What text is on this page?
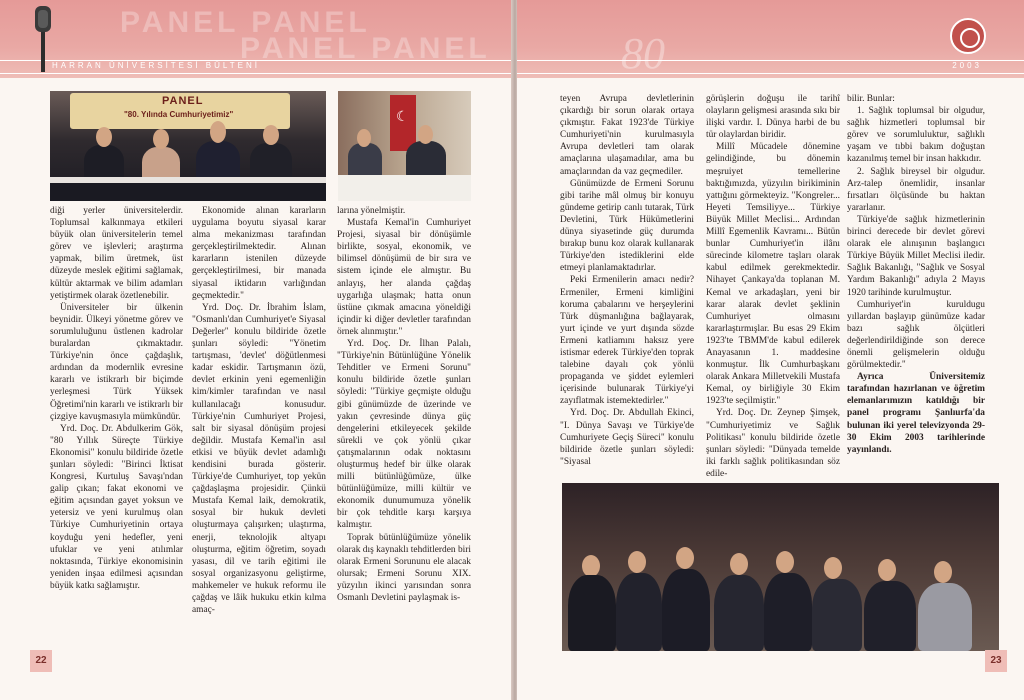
PANEL PANEL
PANEL PANEL
HARRAN ÜNİVERSİTESİ BÜLTENİ
PANEL
"80. Yılında Cumhuriyetimiz"
☾

diği yerler üniversitelerdir. Toplumsal kalkınmaya etkileri büyük olan üniversitelerin temel görev ve işlevleri; araştırma yapmak, bilim üretmek, üst düzeyde meslek eğitimi sağlamak, kültür aktarmak ve bilim adamları yetiştirmek olarak özetlenebilir.

Üniversiteler bir ülkenin beynidir. Ülkeyi yönetme görev ve sorumluluğunu üstlenen kadrolar buralardan çıkmaktadır. Türkiye'nin önce çağdaşlık, ardından da modernlik evresine kararlı ve istikrarlı bir biçimde yerleşmesi Türk Yüksek Öğretimi'nin kararlı ve istikrarlı bir çizgiye kavuşmasıyla mümkündür.

Yrd. Doç. Dr. Abdulkerim Gök, "80 Yıllık Süreçte Türkiye Ekonomisi" konulu bildiride özetle şunları söyledi: "Birinci İktisat Kongresi, Kurtuluş Savaşı'ndan galip çıkan; fakat ekonomi ve eğitim açısından gayet yoksun ve yetersiz ve yeni kurulmuş olan Türkiye Cumhuriyetinin ortaya koyduğu yeni hedefler, yeni ufuklar ve yeni atılımlar noktasında, Türkiye ekonomisinin yeniden inşaa edilmesi açısından büyük katkı sağlamıştır.

Ekonomide alınan kararların uygulama boyutu siyasal karar alma mekanizması tarafından gerçekleştirilmektedir. Alınan kararların istenilen düzeyde gerçekleştirilmesi, bir manada siyasal iktidarın varlığından geçmektedir."

Yrd. Doç. Dr. İbrahim İslam, "Osmanlı'dan Cumhuriyet'e Siyasal Değerler" konulu bildiride özetle şunları söyledi: "Yönetim tartışması, 'devlet' döğütlenmesi kadar eskidir. Tartışmanın özü, devlet erkinin yeni egemenliğin kim/kimler tarafından ve nasıl kullanılacağı konusudur. Türkiye'nin Cumhuriyet Projesi, salt bir siyasal dönüşüm projesi değildir. Mustafa Kemal'in asıl etkisi ve büyük devlet adamlığı kendisini burada gösterir. Türkiye'de Cumhuriyet, top yekün çağdaşlaşma projesidir. Çünkü Mustafa Kemal laik, demokratik, sosyal bir hukuk devleti oluşturmaya çalışırken; ulaştırma, enerji, teknolojik altyapı oluşturma, eğitim öğretim, soyadı yasası, dil ve tarih eğitimi ile sosyal organizasyonu geliştirme, mahkemeler ve hukuk reformu ile çağdaş ve lâik hukuku etkin kılma amaç-

larına yönelmiştir.

Mustafa Kemal'in Cumhuriyet Projesi, siyasal bir dönüşümle birlikte, sosyal, ekonomik, ve bilimsel dönüşümü de bir sıra ve sistem içinde ele almıştır. Bu anlayış, her alanda çağdaş uygarlığa ulaşmak; hatta onun üstüne çıkmak amacına yöneldiği içindir ki diğer devletler tarafından örnek alınmıştır."

Yrd. Doç. Dr. İlhan Palalı, "Türkiye'nin Bütünlüğüne Yönelik Tehditler ve Ermeni Sorunu" konulu bildiride özetle şunları söyledi: "Türkiye geçmişte olduğu gibi günümüzde de üzerinde ve yakın çevresinde dünya güç dengelerini etkileyecek şekilde sürekli ve çok yönlü çıkar çatışmalarının odak noktasını oluşturmuş hedef bir ülke olarak milli bütünlüğümüze, ülke bütünlüğümüze, milli kültür ve ekonomik dunumumuza yönelik bir çok tehditle karşı karşıya kalmıştır.

Toprak bütünlüğümüze yönelik olarak dış kaynaklı tehditlerden biri olarak Ermeni Sorununu ele alacak olursak; Ermeni Sorunu XIX. yüzyılın ikinci yarısından sonra Osmanlı Devletini paylaşmak is-

22
80	2003

teyen Avrupa devletlerinin çıkardığı bir sorun olarak ortaya çıkmıştır. Fakat 1923'de Türkiye Cumhuriyeti'nin kurulmasıyla Avrupa devletleri tam olarak amaçlarına ulaşamadılar, ama bu amaçlarından da vaz geçmediler.

Günümüzde de Ermeni Sorunu gibi tarihe mâl olmuş bir konuyu gündeme getirip canlı tutarak, Türk Devletini, Türk Hükümetlerini dünya siyasetinde güç durumda bırakıp bunu koz olarak kullanarak Türkiye'den istediklerini elde etmeyi planlamaktadırlar.

Peki Ermenilerin amacı nedir? Ermeniler, Ermeni kimliğini koruma çabalarını ve herşeylerini Türk düşmanlığına bağlayarak, yurt içinde ve yurt dışında sözde Ermeni katliamını haksız yere istismar ederek Türkiye'den toprak talebine dayalı çok yönlü propaganda ve şiddet eylemleri içerisinde bulunarak Türkiye'yi zayıflatmak istemektedirler."

Yrd. Doç. Dr. Abdullah Ekinci, "I. Dünya Savaşı ve Türkiye'de Cumhuriyete Geçiş Süreci" konulu bildiride özetle şunları söyledi: "Siyasal

görüşlerin doğuşu ile tarihî olayların gelişmesi arasında sıkı bir ilişki vardır. I. Dünya harbi de bu tür olaylardan biridir.

Millî Mücadele dönemine gelindiğinde, bu dönemin meşruiyet temellerine baktığımızda, yüzyılın birikiminin yattığını görmekteyiz. "Kongreler... Heyeti Temsiliyye... Türkiye Büyük Millet Meclisi... Ardından Millî Egemenlik Kavramı... Bütün bunlar Cumhuriyet'in ilânı sürecinde kilometre taşları olarak kabul edilmek gerekmektedir. Nihayet Çankaya'da toplanan M. Kemal ve arkadaşları, yeni bir karar alarak devlet şeklinin Cumhuriyet olmasını kararlaştırmışlar. Bu esas 29 Ekim 1923'te TBMM'de kabul edilerek Anayasanın 1. maddesine konmuştur. İlk Cumhurbaşkanı olarak Ankara Milletvekili Mustafa Kemal, oy birliğiyle 30 Ekim 1923'te seçilmiştir."

Yrd. Doç. Dr. Zeynep Şimşek, "Cumhuriyetimiz ve Sağlık Politikası" konulu bildiride özetle şunları söyledi: "Dünyada temelde iki farklı sağlık politikasından söz edile-

bilir. Bunlar:

1. Sağlık toplumsal bir olgudur, sağlık hizmetleri toplumsal bir görev ve sorumluluktur, sağlıklı yaşam ve tıbbi bakım doğuştan kazanılmış temel bir insan hakkıdır.

2. Sağlık bireysel bir olgudur. Arz-talep önemlidir, insanlar fırsatları ölçüsünde bu haktan yararlanır.

Türkiye'de sağlık hizmetlerinin birinci derecede bir devlet görevi olarak ele alınışının başlangıcı Türkiye Büyük Millet Meclisi iledir. Sağlık Bakanlığı, "Sağlık ve Sosyal Yardım Bakanlığı" adıyla 2 Mayıs 1920 tarihinde kurulmuştur.

Cumhuriyet'in kuruldugu yıllardan başlayıp günümüze kadar bazı sağlık ölçütleri değerlendirildiğinde son derece önemli gelişmelerin olduğu görülmektedir."

Ayrıca Üniversitemiz tarafından hazırlanan ve öğretim elemanlarımızın katıldığı bir panel programı Şanlıurfa'da bulunan iki yerel televizyonda 29-30 Ekim 2003 tarihlerinde yayınlandı.

23
